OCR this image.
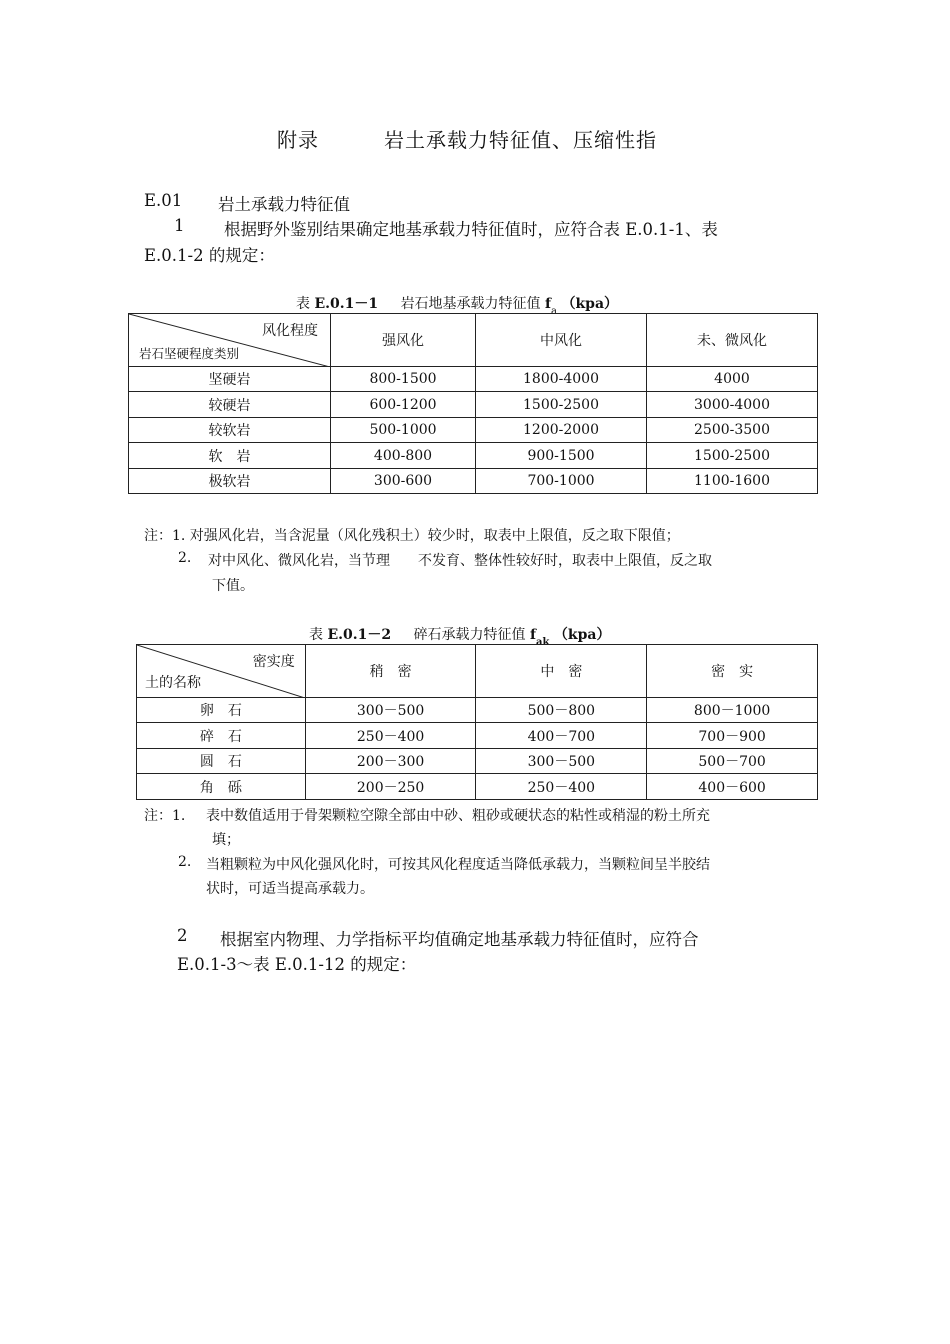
附录	岩土承载力特征值、压缩性指
E.01 岩土承载力特征值
1 根据野外鉴别结果确定地基承载力特征值时，应符合表 E.0.1-1、表
E.0.1-2 的规定：
表 E.0.1－1 岩石地基承载力特征值 $f_a$ （kpa）
风化程度
岩石坚硬程度类别	强风化	中风化	未、微风化
坚硬岩	800-1500	1800-4000	4000
较硬岩	600-1200	1500-2500	3000-4000
较软岩	500-1000	1200-2000	2500-3500
软　岩	400-800	900-1500	1500-2500
极软岩	300-600	700-1000	1100-1600
注：1. 对强风化岩，当含泥量（风化残积土）较少时，取表中上限值，反之取下限值；
2. 对中风化、微风化岩，当节理　　不发育、整体性较好时，取表中上限值，反之取
下值。
表 E.0.1－2 碎石承载力特征值 $f_{ak}$ （kpa）
密实度
土的名称	稍　密	中　密	密　实
卵　石	300－500	500－800	800－1000
碎　石	250－400	400－700	700－900
圆　石	200－300	300－500	500－700
角　砾	200－250	250－400	400－600
注：1. 表中数值适用于骨架颗粒空隙全部由中砂、粗砂或硬状态的粘性或稍湿的粉土所充
填；
2. 当粗颗粒为中风化强风化时，可按其风化程度适当降低承载力，当颗粒间呈半胶结
状时，可适当提高承载力。
2 根据室内物理、力学指标平均值确定地基承载力特征值时，应符合
E.0.1-3～表 E.0.1-12 的规定：
